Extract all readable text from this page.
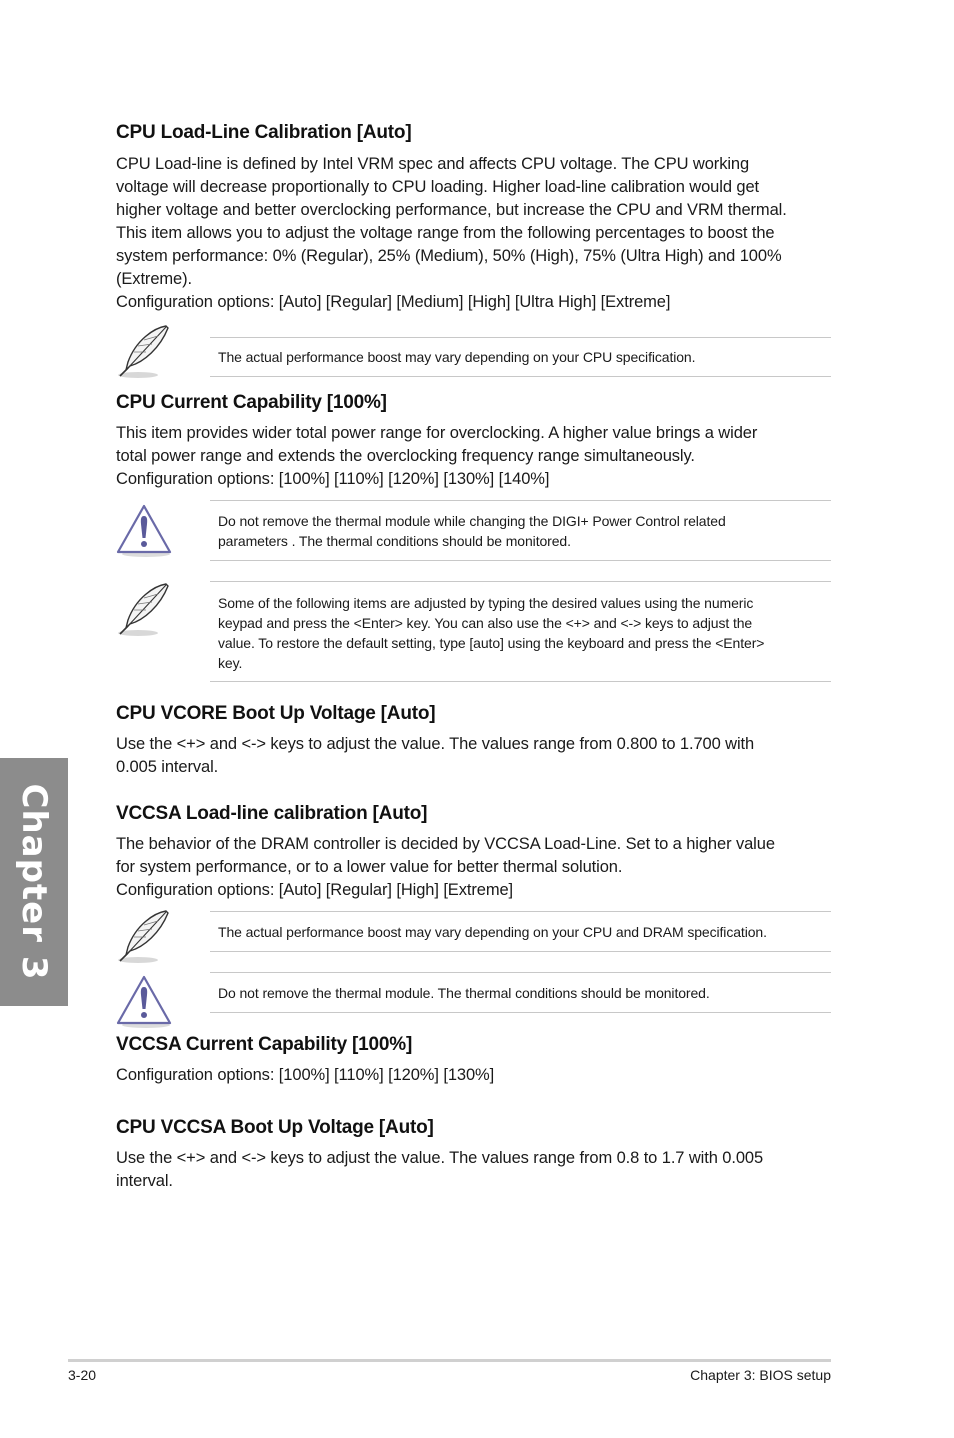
CPU Load-Line Calibration [Auto]
CPU Load-line is defined by Intel VRM spec and affects CPU voltage. The CPU working
voltage will decrease proportionally to CPU loading. Higher load-line calibration would get
higher voltage and better overclocking performance, but increase the CPU and VRM thermal.
This item allows you to adjust the voltage range from the following percentages to boost the
system performance: 0% (Regular), 25% (Medium), 50% (High), 75% (Ultra High) and 100%
(Extreme).
Configuration options: [Auto] [Regular] [Medium] [High] [Ultra High] [Extreme]
The actual performance boost may vary depending on your CPU specification.
CPU Current Capability [100%]
This item provides wider total power range for overclocking. A higher value brings a wider
total power range and extends the overclocking frequency range simultaneously.
Configuration options: [100%] [110%] [120%] [130%] [140%]
Do not remove the thermal module while changing the DIGI+ Power Control related
parameters . The thermal conditions should be monitored.
Some of the following items are adjusted by typing the desired values using the numeric
keypad and press the <Enter> key. You can also use the <+> and <-> keys to adjust the
value. To restore the default setting, type [auto] using the keyboard and press the <Enter>
key.
CPU VCORE Boot Up Voltage [Auto]
Use the <+> and <-> keys to adjust the value. The values range from 0.800 to 1.700 with
0.005 interval.
VCCSA Load-line calibration [Auto]
The behavior of the DRAM controller is decided by VCCSA Load-Line. Set to a higher value
for system performance, or to a lower value for better thermal solution.
Configuration options: [Auto] [Regular] [High] [Extreme]
The actual performance boost may vary depending on your CPU and DRAM specification.
Do not remove the thermal module. The thermal conditions should be monitored.
VCCSA Current Capability [100%]
Configuration options: [100%] [110%] [120%] [130%]
CPU VCCSA Boot Up Voltage [Auto]
Use the <+> and <-> keys to adjust the value. The values range from 0.8 to 1.7 with 0.005
interval.
Chapter 3
3-20	Chapter 3: BIOS setup
